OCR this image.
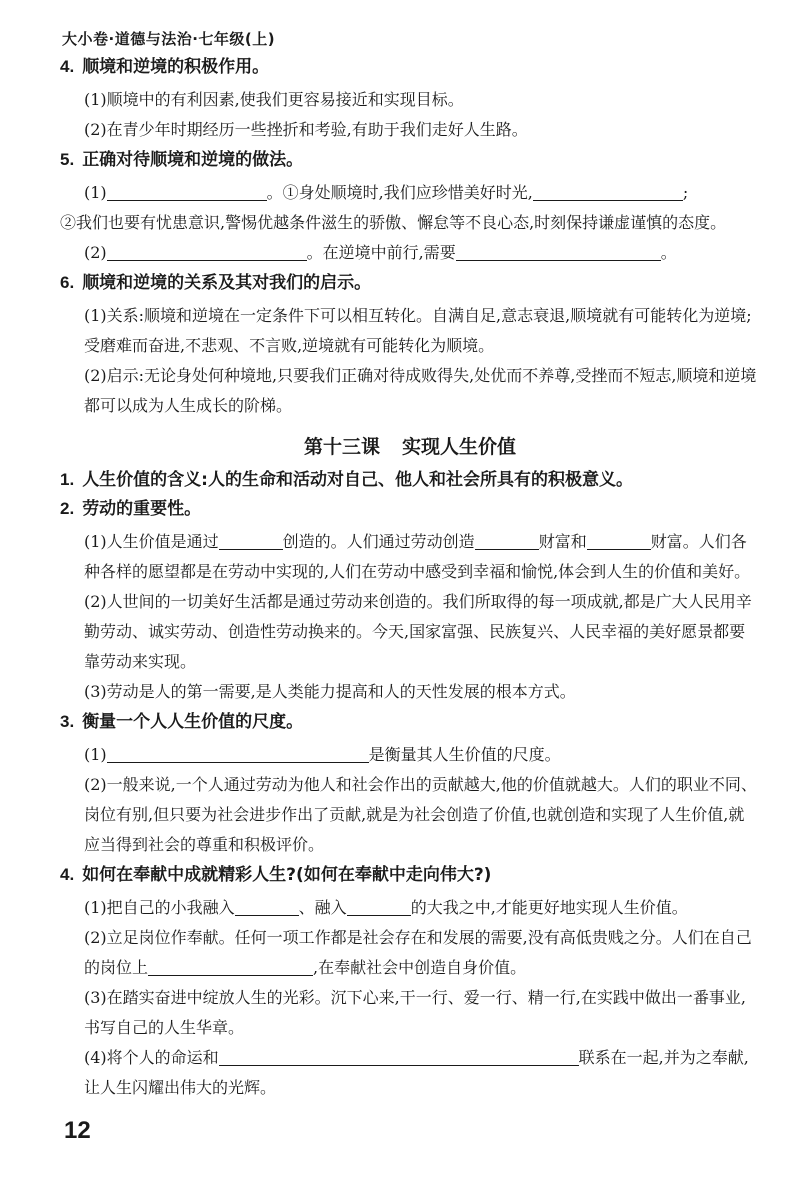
大小卷·道德与法治·七年级(上)
4. 顺境和逆境的积极作用。

(1)顺境中的有利因素,使我们更容易接近和实现目标。

(2)在青少年时期经历一些挫折和考验,有助于我们走好人生路。

5. 正确对待顺境和逆境的做法。

(1)	。①身处顺境时,我们应珍惜美好时光,	;

②我们也要有忧患意识,警惕优越条件滋生的骄傲、懈怠等不良心态,时刻保持谦虚谨慎的态度。

(2)	。在逆境中前行,需要	。

6. 顺境和逆境的关系及其对我们的启示。

(1)关系:顺境和逆境在一定条件下可以相互转化。自满自足,意志衰退,顺境就有可能转化为逆境;受磨难而奋进,不悲观、不言败,逆境就有可能转化为顺境。

(2)启示:无论身处何种境地,只要我们正确对待成败得失,处优而不养尊,受挫而不短志,顺境和逆境都可以成为人生成长的阶梯。

第十三课 实现人生价值
1. 人生价值的含义:人的生命和活动对自己、他人和社会所具有的积极意义。
2. 劳动的重要性。

(1)人生价值是通过	创造的。人们通过劳动创造	财富和	财富。人们各种各样的愿望都是在劳动中实现的,人们在劳动中感受到幸福和愉悦,体会到人生的价值和美好。

(2)人世间的一切美好生活都是通过劳动来创造的。我们所取得的每一项成就,都是广大人民用辛勤劳动、诚实劳动、创造性劳动换来的。今天,国家富强、民族复兴、人民幸福的美好愿景都要靠劳动来实现。

(3)劳动是人的第一需要,是人类能力提高和人的天性发展的根本方式。

3. 衡量一个人人生价值的尺度。

(1)	是衡量其人生价值的尺度。

(2)一般来说,一个人通过劳动为他人和社会作出的贡献越大,他的价值就越大。人们的职业不同、岗位有别,但只要为社会进步作出了贡献,就是为社会创造了价值,也就创造和实现了人生价值,就应当得到社会的尊重和积极评价。

4. 如何在奉献中成就精彩人生?(如何在奉献中走向伟大?)

(1)把自己的小我融入	、融入	的大我之中,才能更好地实现人生价值。

(2)立足岗位作奉献。任何一项工作都是社会存在和发展的需要,没有高低贵贱之分。人们在自己的岗位上	,在奉献社会中创造自身价值。

(3)在踏实奋进中绽放人生的光彩。沉下心来,干一行、爱一行、精一行,在实践中做出一番事业,书写自己的人生华章。

(4)将个人的命运和	联系在一起,并为之奉献,让人生闪耀出伟大的光辉。

12
